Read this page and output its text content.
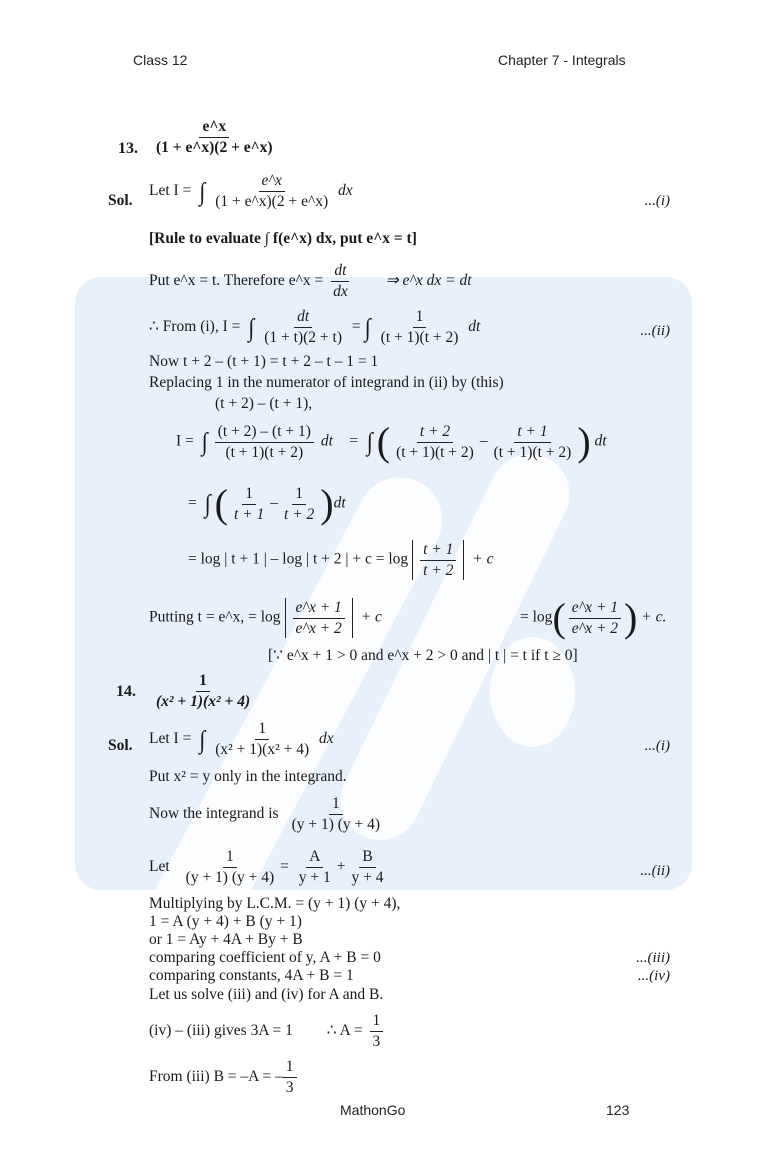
Class 12	Chapter 7 - Integrals
13. $\frac{e\^{}x}{(1 + e\^{}x)(2 + e\^{}x)}$
Sol.
Let I = ∫ $\frac{e\^{}x}{(1 + e\^{}x)(2 + e\^{}x)}$ dx
...(i)
[Rule to evaluate ∫ f(e^x) dx, put e^x = t]
Put e^x = t. Therefore e^x = $\frac{dt}{dx}$ ⇒ e^x dx = dt
∴ From (i), I = ∫ $\frac{dt}{(1 + t)(2 + t)}$ = ∫ $\frac{1}{(t + 1)(t + 2)}$ dt	...(ii)
Now t + 2 – (t + 1) = t + 2 – t – 1 = 1
Replacing 1 in the numerator of integrand in (ii) by (this)
(t + 2) – (t + 1),
I = ∫ $\frac{(t + 2) - (t + 1)}{(t + 1)(t + 2)}$ dt    = ∫ ( $\frac{t + 2}{(t + 1)(t + 2)} - \frac{t + 1}{(t + 1)(t + 2)}$ ) dt
= ∫ ( $\frac{1}{t + 1} - \frac{1}{t + 2} )dt$
= log | t + 1 | – log | t + 2 | + $c = \log \frac{t + 1}{t + 2} + c$
Putting t = e^x, = $\log \frac{e\^{}x + 1}{e\^{}x + 2} + c$	= $\log( \frac{e\^{}x + 1}{e\^{}x + 2}$ ) + c.
[∵ e^x + 1 > 0 and e^x + 2 > 0 and | t | = t if t ≥ 0]
14. $\frac{1}{\text{(x² + 1)(x² + 4)}}$
Sol. Let I = ∫ $\frac{1}{\text{(x² + 1)(x² + 4)}}$ dx	...(i)
Put x² = y only in the integrand.
Now the integrand is $\frac{1}{(y + 1) (y + 4)}$
Let $\frac{1}{(y + 1) (y + 4)} = \frac{A}{y + 1} + \frac{B}{y + 4}$	...(ii)
Multiplying by L.C.M. = (y + 1) (y + 4),
1 = A (y + 4) + B (y + 1)
or 1 = Ay + 4A + By + B
comparing coefficient of y, A + B = 0	...(iii)
comparing constants, 4A + B = 1	...(iv)
Let us solve (iii) and (iv) for A and B.
(iv) – (iii) gives 3A = 1 ∴ $A = \frac{1}{3}$
From (iii) B = –A = – $\frac{1}{3}$
MathonGo	123
